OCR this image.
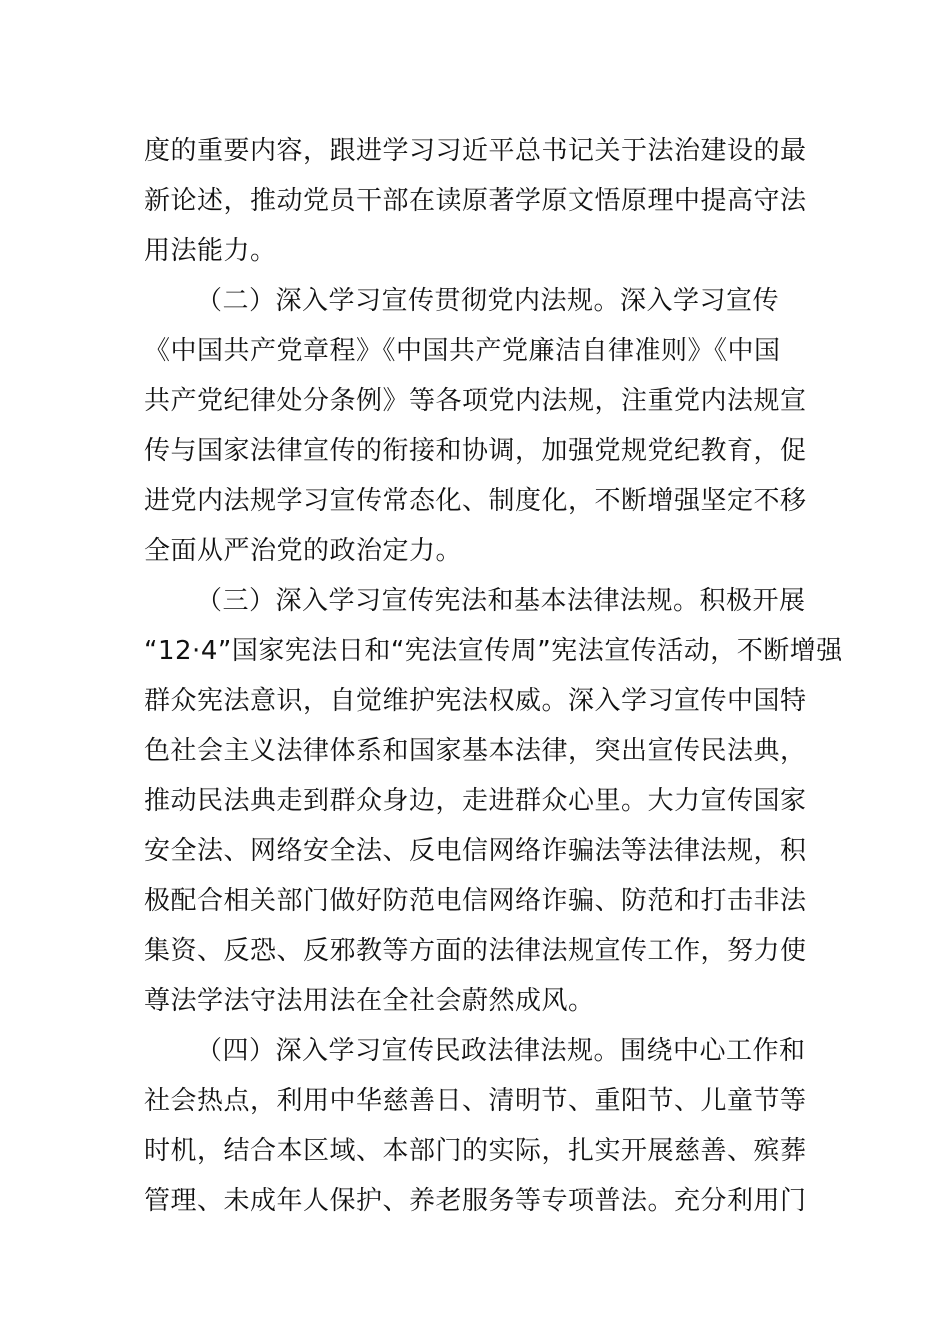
度的重要内容，跟进学习习近平总书记关于法治建设的最
新论述，推动党员干部在读原著学原文悟原理中提高守法
用法能力。
（二）深入学习宣传贯彻党内法规。深入学习宣传
《中国共产党章程》《中国共产党廉洁自律准则》《中国
共产党纪律处分条例》等各项党内法规，注重党内法规宣
传与国家法律宣传的衔接和协调，加强党规党纪教育，促
进党内法规学习宣传常态化、制度化，不断增强坚定不移
全面从严治党的政治定力。
（三）深入学习宣传宪法和基本法律法规。积极开展
“12·4”国家宪法日和“宪法宣传周”宪法宣传活动，不断增强
群众宪法意识，自觉维护宪法权威。深入学习宣传中国特
色社会主义法律体系和国家基本法律，突出宣传民法典，
推动民法典走到群众身边，走进群众心里。大力宣传国家
安全法、网络安全法、反电信网络诈骗法等法律法规，积
极配合相关部门做好防范电信网络诈骗、防范和打击非法
集资、反恐、反邪教等方面的法律法规宣传工作，努力使
尊法学法守法用法在全社会蔚然成风。
（四）深入学习宣传民政法律法规。围绕中心工作和
社会热点，利用中华慈善日、清明节、重阳节、儿童节等
时机，结合本区域、本部门的实际，扎实开展慈善、殡葬
管理、未成年人保护、养老服务等专项普法。充分利用门
